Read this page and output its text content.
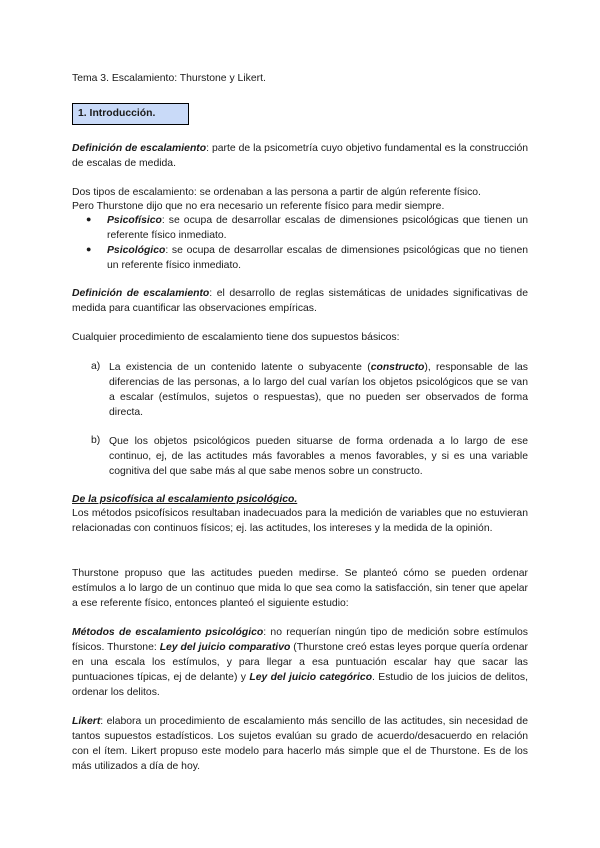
Tema 3. Escalamiento: Thurstone y Likert.
1. Introducción.
Definición de escalamiento: parte de la psicometría cuyo objetivo fundamental es la construcción de escalas de medida.
Dos tipos de escalamiento: se ordenaban a las persona a partir de algún referente físico.
Pero Thurstone dijo que no era necesario un referente físico para medir siempre.
● Psicofísico: se ocupa de desarrollar escalas de dimensiones psicológicas que tienen un referente físico inmediato.
● Psicológico: se ocupa de desarrollar escalas de dimensiones psicológicas que no tienen un referente físico inmediato.
Definición de escalamiento: el desarrollo de reglas sistemáticas de unidades significativas de medida para cuantificar las observaciones empíricas.
Cualquier procedimiento de escalamiento tiene dos supuestos básicos:
a) La existencia de un contenido latente o subyacente (constructo), responsable de las diferencias de las personas, a lo largo del cual varían los objetos psicológicos que se van a escalar (estímulos, sujetos o respuestas), que no pueden ser observados de forma directa.
b) Que los objetos psicológicos pueden situarse de forma ordenada a lo largo de ese continuo, ej, de las actitudes más favorables a menos favorables, y si es una variable cognitiva del que sabe más al que sabe menos sobre un constructo.
De la psicofísica al escalamiento psicológico.
Los métodos psicofísicos resultaban inadecuados para la medición de variables que no estuvieran relacionadas con continuos físicos; ej. las actitudes, los intereses y la medida de la opinión.
Thurstone propuso que las actitudes pueden medirse. Se planteó cómo se pueden ordenar estímulos a lo largo de un continuo que mida lo que sea como la satisfacción, sin tener que apelar a ese referente físico, entonces planteó el siguiente estudio:
Métodos de escalamiento psicológico: no requerían ningún tipo de medición sobre estímulos físicos. Thurstone: Ley del juicio comparativo (Thurstone creó estas leyes porque quería ordenar en una escala los estímulos, y para llegar a esa puntuación escalar hay que sacar las puntuaciones típicas, ej de delante) y Ley del juicio categórico. Estudio de los juicios de delitos, ordenar los delitos.
Likert: elabora un procedimiento de escalamiento más sencillo de las actitudes, sin necesidad de tantos supuestos estadísticos. Los sujetos evalúan su grado de acuerdo/desacuerdo en relación con el ítem. Likert propuso este modelo para hacerlo más simple que el de Thurstone. Es de los más utilizados a día de hoy.
